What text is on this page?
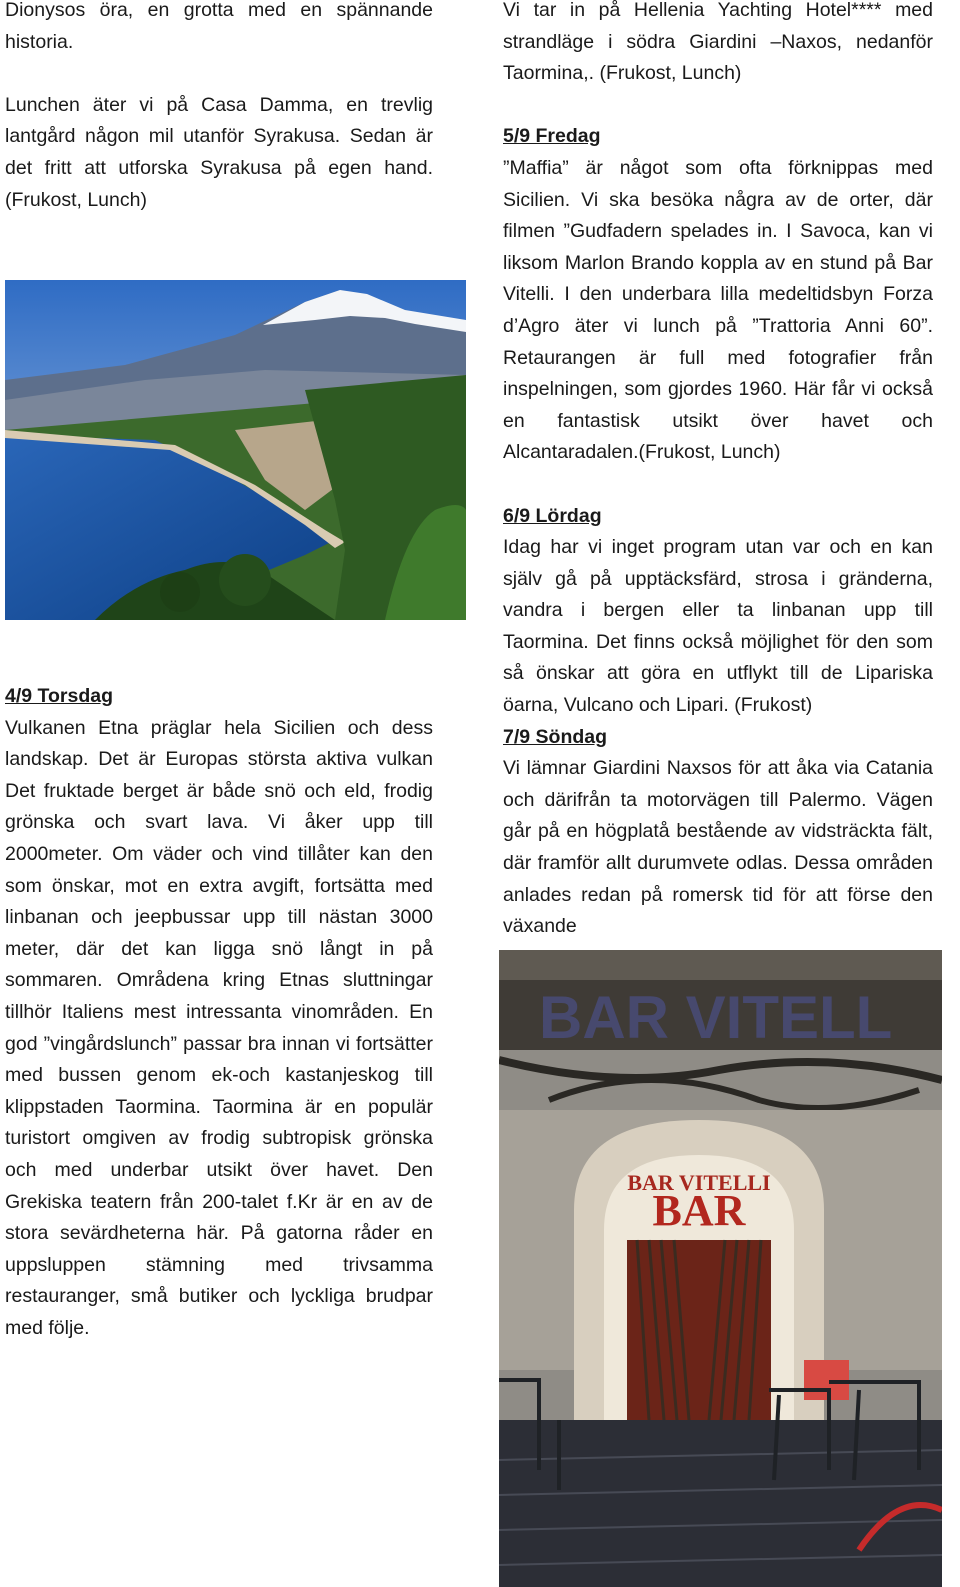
Dionysos öra, en grotta med en spännande historia.

Lunchen äter vi på Casa Damma, en trevlig lantgård någon mil utanför Syrakusa. Sedan är det fritt att utforska Syrakusa på egen hand. (Frukost, Lunch)

4/9 Torsdag

Vulkanen Etna präglar hela Sicilien och dess landskap. Det är Europas största aktiva vulkan Det fruktade berget är både snö och eld, frodig grönska och svart lava. Vi åker upp till 2000meter. Om väder och vind tillåter kan den som önskar, mot en extra avgift, fortsätta med linbanan och jeepbussar upp till nästan 3000 meter, där det kan ligga snö långt in på sommaren. Områdena kring Etnas sluttningar tillhör Italiens mest intressanta vinområden. En god ”vingårdslunch” passar bra innan vi fortsätter med bussen genom ek-och kastanjeskog till klippstaden Taormina. Taormina är en populär turistort omgiven av frodig subtropisk grönska och med underbar utsikt över havet. Den Grekiska teatern från 200-talet f.Kr är en av de stora sevärdheterna här. På gatorna råder en uppsluppen stämning med trivsamma restauranger, små butiker och lyckliga brudpar med följe.

Vi tar in på Hellenia Yachting Hotel**** med strandläge i södra Giardini –Naxos, nedanför Taormina,. (Frukost, Lunch)

5/9 Fredag

”Maffia” är något som ofta förknippas med Sicilien. Vi ska besöka några av de orter, där filmen ”Gudfadern spelades in. I Savoca, kan vi liksom Marlon Brando koppla av en stund på Bar Vitelli. I den underbara lilla medeltidsbyn Forza d’Agro äter vi lunch på ”Trattoria Anni 60”. Retaurangen är full med fotografier från inspelningen, som gjordes 1960. Här får vi också en fantastisk utsikt över havet och Alcantaradalen.(Frukost, Lunch)

6/9 Lördag

Idag har vi inget program utan var och en kan själv gå på upptäcksfärd, strosa i gränderna, vandra i bergen eller ta linbanan upp till Taormina. Det finns också möjlighet för den som så önskar att göra en utflykt till de Lipariska öarna, Vulcano och Lipari. (Frukost)

7/9 Söndag

Vi lämnar Giardini Naxsos för att åka via Catania och därifrån ta motorvägen till Palermo. Vägen går på en högplatå bestående av vidsträckta fält, där framför allt durumvete odlas. Dessa områden anlades redan på romersk tid för att förse den växande

BAR VITELL
BAR VITELLI
BAR
